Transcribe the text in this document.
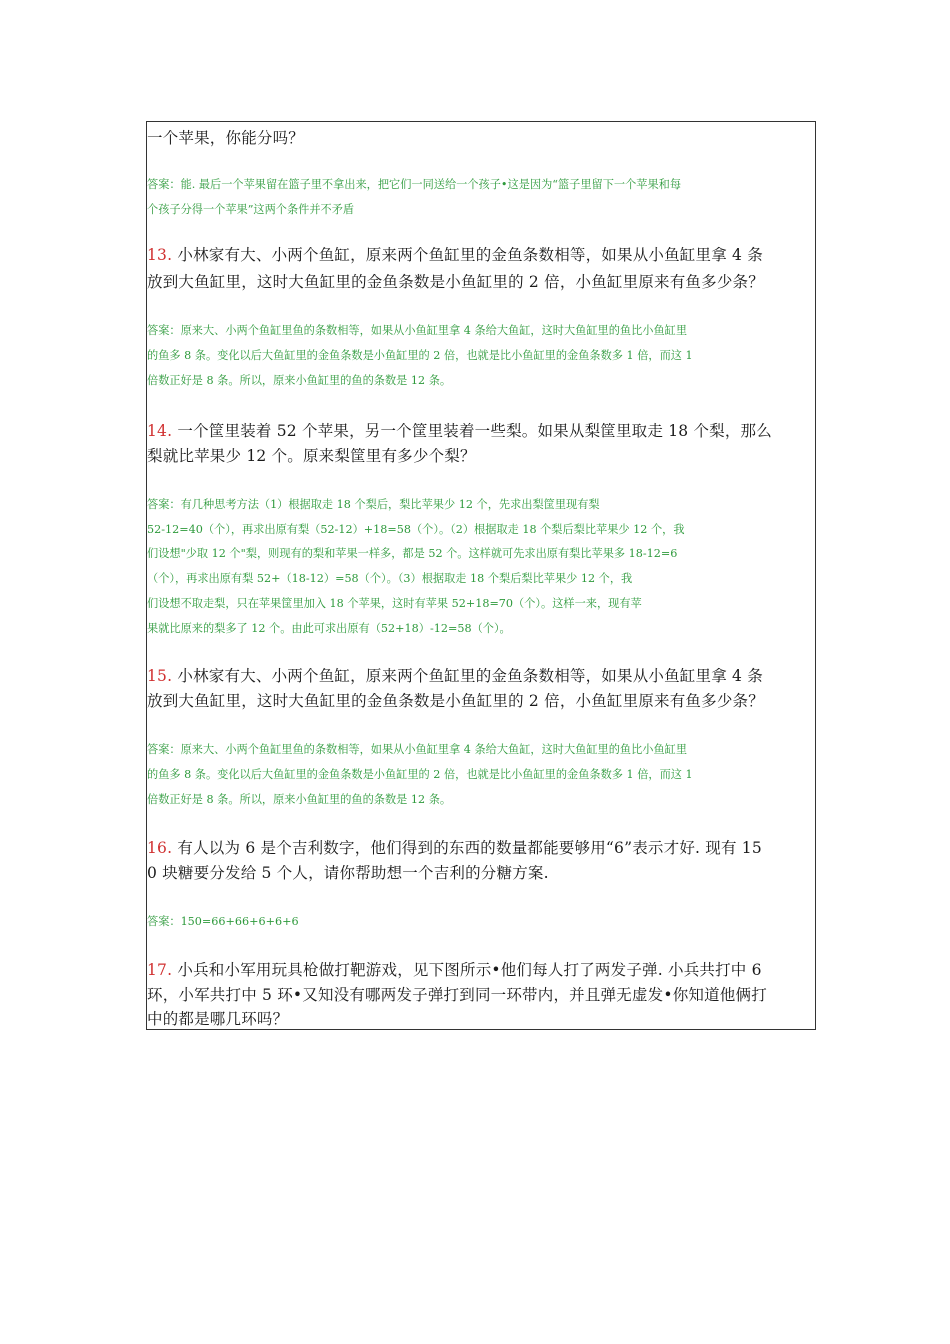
一个苹果，你能分吗？
答案：能. 最后一个苹果留在篮子里不拿出来，把它们一同送给一个孩子•这是因为“篮子里留下一个苹果和每
个孩子分得一个苹果”这两个条件并不矛盾
13. 小林家有大、小两个鱼缸，原来两个鱼缸里的金鱼条数相等，如果从小鱼缸里拿 4 条
放到大鱼缸里，这时大鱼缸里的金鱼条数是小鱼缸里的 2 倍，小鱼缸里原来有鱼多少条？
答案：原来大、小两个鱼缸里鱼的条数相等，如果从小鱼缸里拿 4 条给大鱼缸，这时大鱼缸里的鱼比小鱼缸里
的鱼多 8 条。变化以后大鱼缸里的金鱼条数是小鱼缸里的 2 倍，也就是比小鱼缸里的金鱼条数多 1 倍，而这 1
倍数正好是 8 条。所以，原来小鱼缸里的鱼的条数是 12 条。
14. 一个筐里装着 52 个苹果，另一个筐里装着一些梨。如果从梨筐里取走 18 个梨，那么
梨就比苹果少 12 个。原来梨筐里有多少个梨？
答案：有几种思考方法（1）根据取走 18 个梨后，梨比苹果少 12 个，先求出梨筐里现有梨
52-12=40（个），再求出原有梨（52-12）+18=58（个）。（2）根据取走 18 个梨后梨比苹果少 12 个，我
们设想"少取 12 个"梨，则现有的梨和苹果一样多，都是 52 个。这样就可先求出原有梨比苹果多 18-12=6
（个），再求出原有梨 52+（18-12）=58（个）。（3）根据取走 18 个梨后梨比苹果少 12 个，我
们设想不取走梨，只在苹果筐里加入 18 个苹果，这时有苹果 52+18=70（个）。这样一来，现有苹
果就比原来的梨多了 12 个。由此可求出原有（52+18）-12=58（个）。
15. 小林家有大、小两个鱼缸，原来两个鱼缸里的金鱼条数相等，如果从小鱼缸里拿 4 条
放到大鱼缸里，这时大鱼缸里的金鱼条数是小鱼缸里的 2 倍，小鱼缸里原来有鱼多少条？
答案：原来大、小两个鱼缸里鱼的条数相等，如果从小鱼缸里拿 4 条给大鱼缸，这时大鱼缸里的鱼比小鱼缸里
的鱼多 8 条。变化以后大鱼缸里的金鱼条数是小鱼缸里的 2 倍，也就是比小鱼缸里的金鱼条数多 1 倍，而这 1
倍数正好是 8 条。所以，原来小鱼缸里的鱼的条数是 12 条。
16. 有人以为 6 是个吉利数字，他们得到的东西的数量都能要够用“6”表示才好. 现有 15
0 块糖要分发给 5 个人，请你帮助想一个吉利的分糖方案.
答案：150=66+66+6+6+6
17. 小兵和小军用玩具枪做打靶游戏，见下图所示•他们每人打了两发子弹. 小兵共打中 6
环，小军共打中 5 环•又知没有哪两发子弹打到同一环带内，并且弹无虚发•你知道他俩打
中的都是哪几环吗？
